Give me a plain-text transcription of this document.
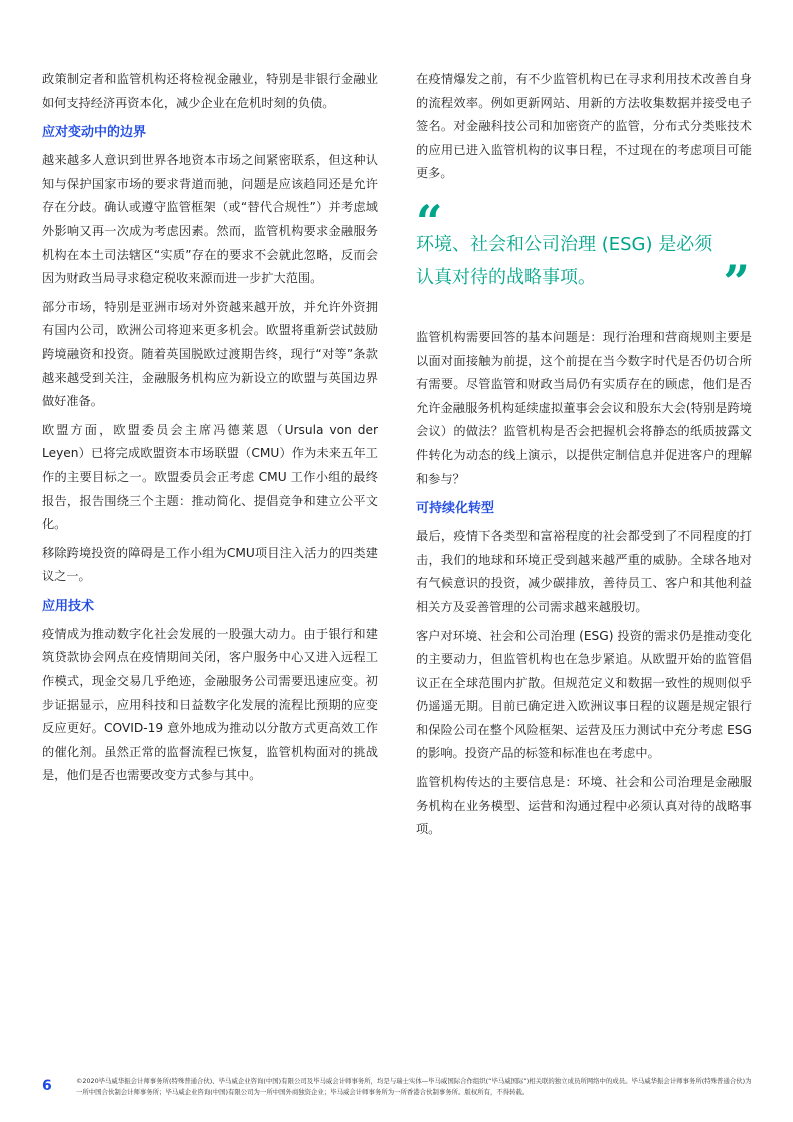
政策制定者和监管机构还将检视金融业，特别是非银行金融业如何支持经济再资本化，减少企业在危机时刻的负债。

应对变动中的边界

越来越多人意识到世界各地资本市场之间紧密联系，但这种认知与保护国家市场的要求背道而驰，问题是应该趋同还是允许存在分歧。确认或遵守监管框架（或“替代合规性”）并考虑域外影响又再一次成为考虑因素。然而，监管机构要求金融服务机构在本土司法辖区“实质”存在的要求不会就此忽略，反而会因为财政当局寻求稳定税收来源而进一步扩大范围。

部分市场，特别是亚洲市场对外资越来越开放，并允许外资拥有国内公司，欧洲公司将迎来更多机会。欧盟将重新尝试鼓励跨境融资和投资。随着英国脱欧过渡期告终，现行“对等”条款越来越受到关注，金融服务机构应为新设立的欧盟与英国边界做好准备。

欧盟方面，欧盟委员会主席冯德莱恩（Ursula von der Leyen）已将完成欧盟资本市场联盟（CMU）作为未来五年工作的主要目标之一。欧盟委员会正考虑 CMU 工作小组的最终报告，报告围绕三个主题：推动简化、提倡竞争和建立公平文化。

移除跨境投资的障碍是工作小组为CMU项目注入活力的四类建议之一。

应用技术

疫情成为推动数字化社会发展的一股强大动力。由于银行和建筑贷款协会网点在疫情期间关闭，客户服务中心又进入远程工作模式，现金交易几乎绝迹，金融服务公司需要迅速应变。初步证据显示，应用科技和日益数字化发展的流程比预期的应变反应更好。COVID-19 意外地成为推动以分散方式更高效工作的催化剂。虽然正常的监督流程已恢复，监管机构面对的挑战是，他们是否也需要改变方式参与其中。

在疫情爆发之前，有不少监管机构已在寻求利用技术改善自身的流程效率。例如更新网站、用新的方法收集数据并接受电子签名。对金融科技公司和加密资产的监管，分布式分类账技术的应用已进入监管机构的议事日程，不过现在的考虑项目可能更多。

“
环境、社会和公司治理 (ESG) 是必须认真对待的战略事项。	”

监管机构需要回答的基本问题是：现行治理和营商规则主要是以面对面接触为前提，这个前提在当今数字时代是否仍切合所有需要。尽管监管和财政当局仍有实质存在的顾虑，他们是否允许金融服务机构延续虚拟董事会会议和股东大会(特别是跨境会议）的做法？监管机构是否会把握机会将静态的纸质披露文件转化为动态的线上演示，以提供定制信息并促进客户的理解和参与？

可持续化转型

最后，疫情下各类型和富裕程度的社会都受到了不同程度的打击，我们的地球和环境正受到越来越严重的威胁。全球各地对有气候意识的投资，减少碳排放，善待员工、客户和其他利益相关方及妥善管理的公司需求越来越殷切。

客户对环境、社会和公司治理 (ESG) 投资的需求仍是推动变化的主要动力，但监管机构也在急步紧追。从欧盟开始的监管倡议正在全球范围内扩散。但规范定义和数据一致性的规则似乎仍遥遥无期。目前已确定进入欧洲议事日程的议题是规定银行和保险公司在整个风险框架、运营及压力测试中充分考虑 ESG 的影响。投资产品的标签和标准也在考虑中。

监管机构传达的主要信息是：环境、社会和公司治理是金融服务机构在业务模型、运营和沟通过程中必须认真对待的战略事项。

6	©2020毕马威华振会计师事务所(特殊普通合伙)、毕马威企业咨询(中国)有限公司及毕马威会计师事务所，均是与瑞士实体—毕马威国际合作组织(“毕马威国际”)相关联的独立成员所网络中的成员。毕马威华振会计师事务所(特殊普通合伙)为一所中国合伙制会计师事务所；毕马威企业咨询(中国)有限公司为一所中国外商独资企业；毕马威会计师事务所为一所香港合伙制事务所。版权所有，不得转载。
